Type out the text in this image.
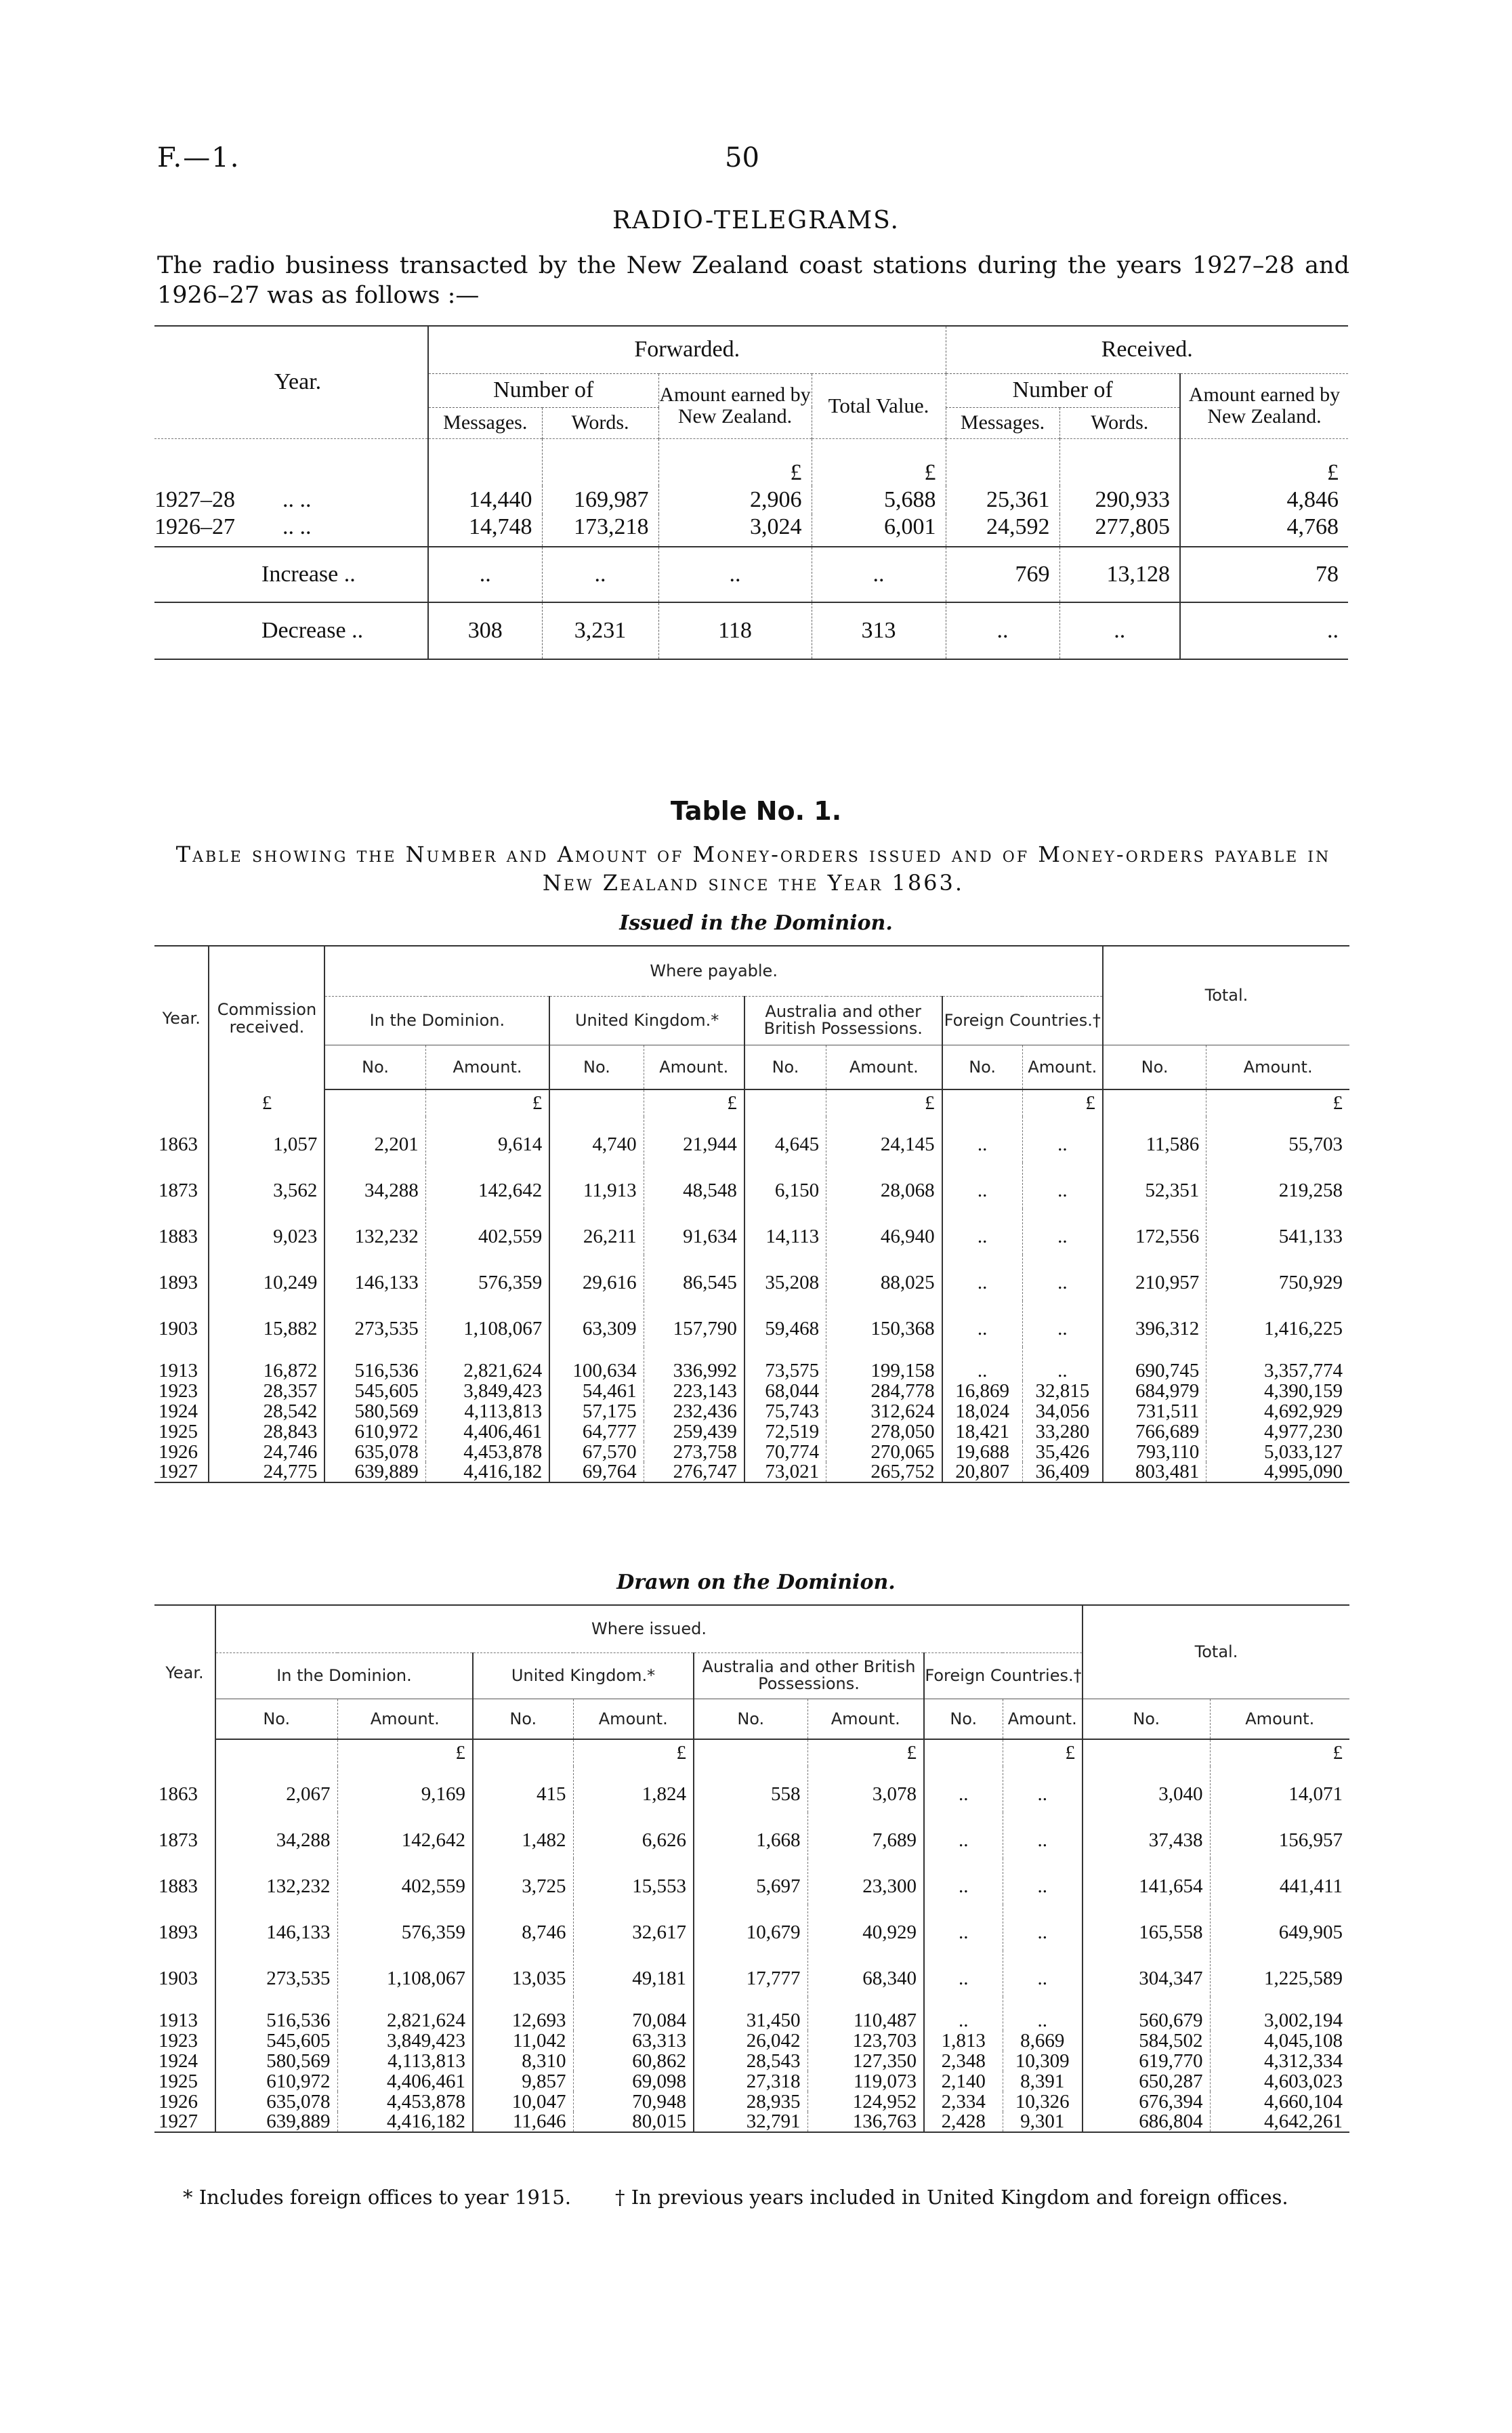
F.—1.	50
RADIO-TELEGRAMS.
The radio business transacted by the New Zealand coast stations during the years 1927–28 and 1926–27 was as follows :—
Year.	Forwarded.				Received.		
	Number of		Amount earned by New Zealand.	Total Value.	Number of		Amount earned by New Zealand.
	Messages.	Words.			Messages.	Words.	
			£	£			£
1927–28 .. ..	14,440	169,987	2,906	5,688	25,361	290,933	4,846
1926–27 .. ..	14,748	173,218	3,024	6,001	24,592	277,805	4,768
Increase ..	..	..	..	..	769	13,128	78
Decrease ..	308	3,231	118	313	..	..	..
Table No. 1.
Table showing the Number and Amount of Money-orders issued and of Money-orders payable in New Zealand since the Year 1863.
Issued in the Dominion.
Year.	Commission received.	Where payable.								Total.	
		In the Dominion.		United Kingdom.*		Australia and other British Possessions.		Foreign Countries.†			
		No.	Amount.	No.	Amount.	No.	Amount.	No.	Amount.	No.	Amount.
	£		£		£		£		£		£
1863	1,057	2,201	9,614	4,740	21,944	4,645	24,145	..	..	11,586	55,703
1873	3,562	34,288	142,642	11,913	48,548	6,150	28,068	..	..	52,351	219,258
1883	9,023	132,232	402,559	26,211	91,634	14,113	46,940	..	..	172,556	541,133
1893	10,249	146,133	576,359	29,616	86,545	35,208	88,025	..	..	210,957	750,929
1903	15,882	273,535	1,108,067	63,309	157,790	59,468	150,368	..	..	396,312	1,416,225
1913	16,872	516,536	2,821,624	100,634	336,992	73,575	199,158	..	..	690,745	3,357,774
1923	28,357	545,605	3,849,423	54,461	223,143	68,044	284,778	16,869	32,815	684,979	4,390,159
1924	28,542	580,569	4,113,813	57,175	232,436	75,743	312,624	18,024	34,056	731,511	4,692,929
1925	28,843	610,972	4,406,461	64,777	259,439	72,519	278,050	18,421	33,280	766,689	4,977,230
1926	24,746	635,078	4,453,878	67,570	273,758	70,774	270,065	19,688	35,426	793,110	5,033,127
1927	24,775	639,889	4,416,182	69,764	276,747	73,021	265,752	20,807	36,409	803,481	4,995,090
Drawn on the Dominion.
Year.	Where issued.								Total.	
	In the Dominion.		United Kingdom.*		Australia and other British Possessions.		Foreign Countries.†			
	No.	Amount.	No.	Amount.	No.	Amount.	No.	Amount.	No.	Amount.
		£		£		£		£		£
1863	2,067	9,169	415	1,824	558	3,078	..	..	3,040	14,071
1873	34,288	142,642	1,482	6,626	1,668	7,689	..	..	37,438	156,957
1883	132,232	402,559	3,725	15,553	5,697	23,300	..	..	141,654	441,411
1893	146,133	576,359	8,746	32,617	10,679	40,929	..	..	165,558	649,905
1903	273,535	1,108,067	13,035	49,181	17,777	68,340	..	..	304,347	1,225,589
1913	516,536	2,821,624	12,693	70,084	31,450	110,487	..	..	560,679	3,002,194
1923	545,605	3,849,423	11,042	63,313	26,042	123,703	1,813	8,669	584,502	4,045,108
1924	580,569	4,113,813	8,310	60,862	28,543	127,350	2,348	10,309	619,770	4,312,334
1925	610,972	4,406,461	9,857	69,098	27,318	119,073	2,140	8,391	650,287	4,603,023
1926	635,078	4,453,878	10,047	70,948	28,935	124,952	2,334	10,326	676,394	4,660,104
1927	639,889	4,416,182	11,646	80,015	32,791	136,763	2,428	9,301	686,804	4,642,261
* Includes foreign offices to year 1915. † In previous years included in United Kingdom and foreign offices.
